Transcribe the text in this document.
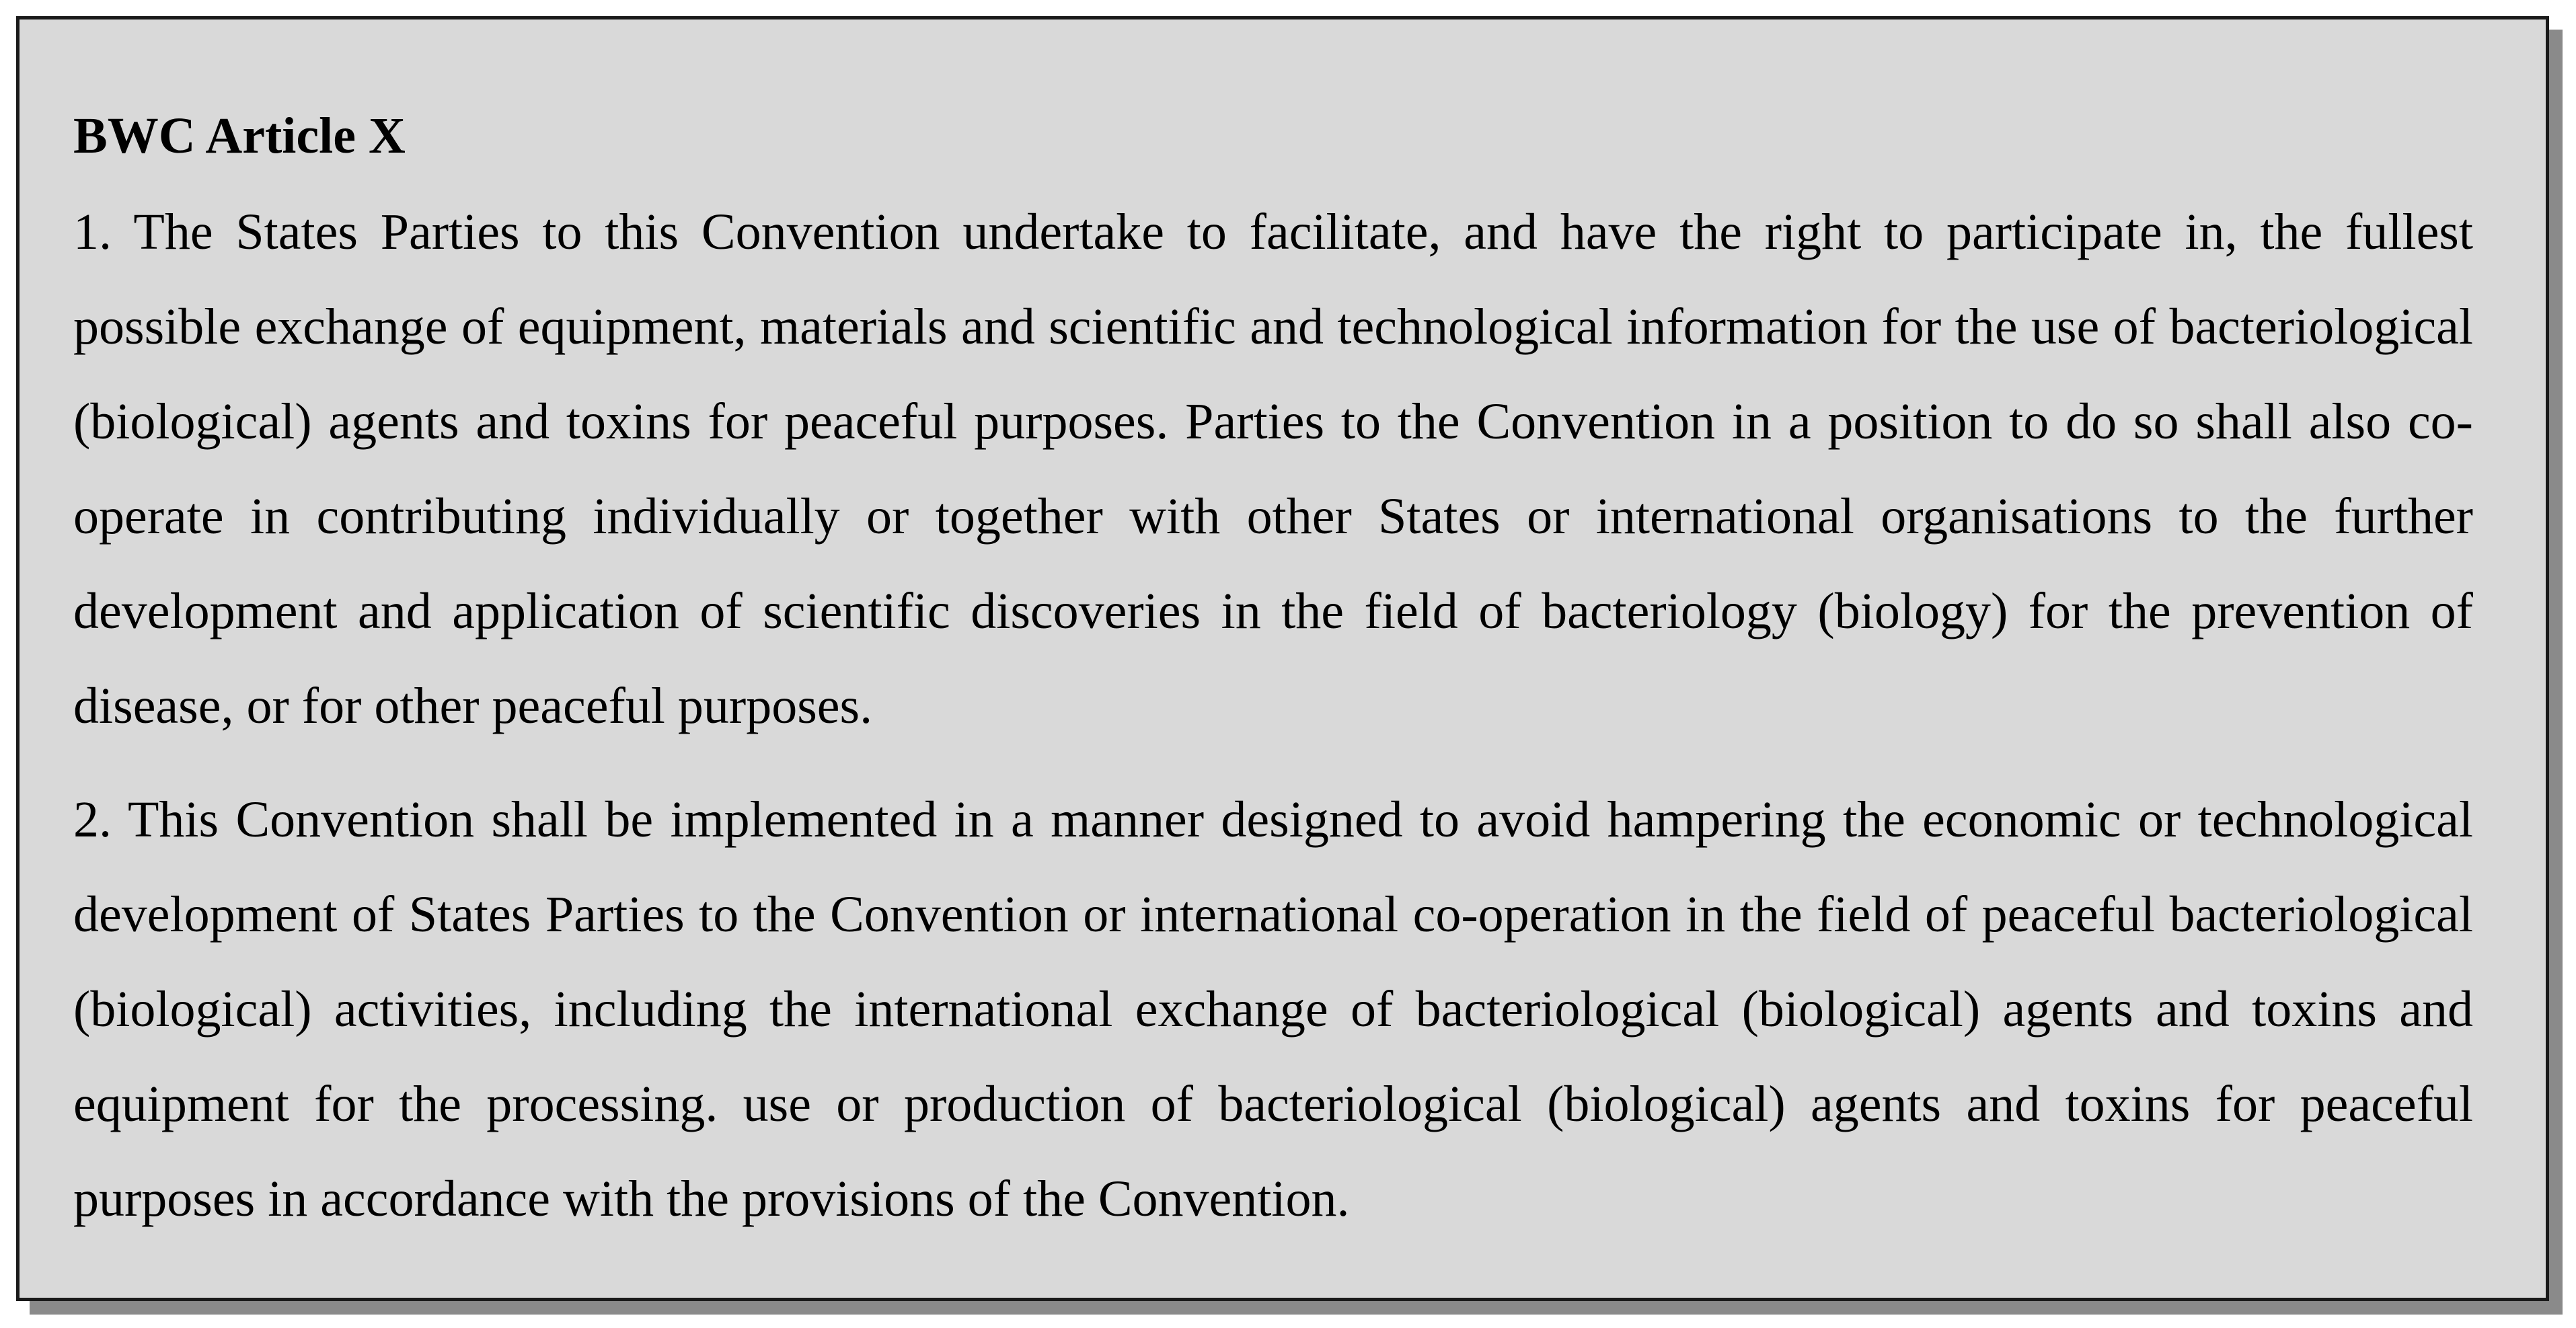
BWC Article X
1. The States Parties to this Convention undertake to facilitate, and have the right to participate in, the fullest possible exchange of equipment, materials and scientific and technological information for the use of bacteriological (biological) agents and toxins for peaceful purposes. Parties to the Convention in a position to do so shall also co-operate in contributing individually or together with other States or international organisations to the further development and application of scientific discoveries in the field of bacteriology (biology) for the prevention of disease, or for other peaceful purposes.
2. This Convention shall be implemented in a manner designed to avoid hampering the economic or technological development of States Parties to the Convention or international co-operation in the field of peaceful bacteriological (biological) activities, including the international exchange of bacteriological (biological) agents and toxins and equipment for the processing. use or production of bacteriological (biological) agents and toxins for peaceful purposes in accordance with the provisions of the Convention.
